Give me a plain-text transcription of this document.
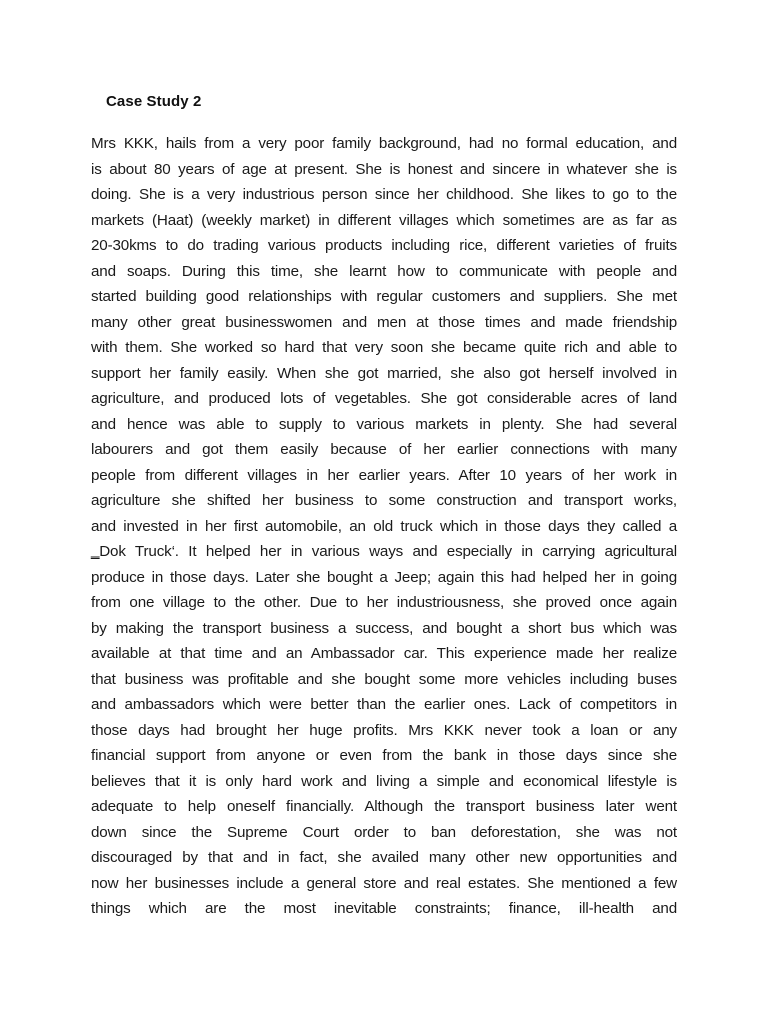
Case Study 2
Mrs KKK, hails from a very poor family background, had no formal education, and
is about 80 years of age at present. She is honest and sincere in whatever she is
doing. She is a very industrious person since her childhood. She likes to go to the
markets (Haat) (weekly market) in different villages which sometimes are as far as
20-30kms to do trading various products including rice, different varieties of fruits
and soaps. During this time, she learnt how to communicate with people and
started building good relationships with regular customers and suppliers. She met
many other great businesswomen and men at those times and made friendship
with them. She worked so hard that very soon she became quite rich and able to
support her family easily. When she got married, she also got herself involved in
agriculture, and produced lots of vegetables. She got considerable acres of land
and hence was able to supply to various markets in plenty. She had several
labourers and got them easily because of her earlier connections with many
people from different villages in her earlier years. After 10 years of her work in
agriculture she shifted her business to some construction and transport works,
and invested in her first automobile, an old truck which in those days they called a
‗Dok Truck‘. It helped her in various ways and especially in carrying agricultural
produce in those days. Later she bought a Jeep; again this had helped her in going
from one village to the other. Due to her industriousness, she proved once again
by making the transport business a success, and bought a short bus which was
available at that time and an Ambassador car. This experience made her realize
that business was profitable and she bought some more vehicles including buses
and ambassadors which were better than the earlier ones. Lack of competitors in
those days had brought her huge profits. Mrs KKK never took a loan or any
financial support from anyone or even from the bank in those days since she
believes that it is only hard work and living a simple and economical lifestyle is
adequate to help oneself financially. Although the transport business later went
down since the Supreme Court order to ban deforestation, she was not
discouraged by that and in fact, she availed many other new opportunities and
now her businesses include a general store and real estates. She mentioned a few
things which are the most inevitable constraints; finance, ill-health and
